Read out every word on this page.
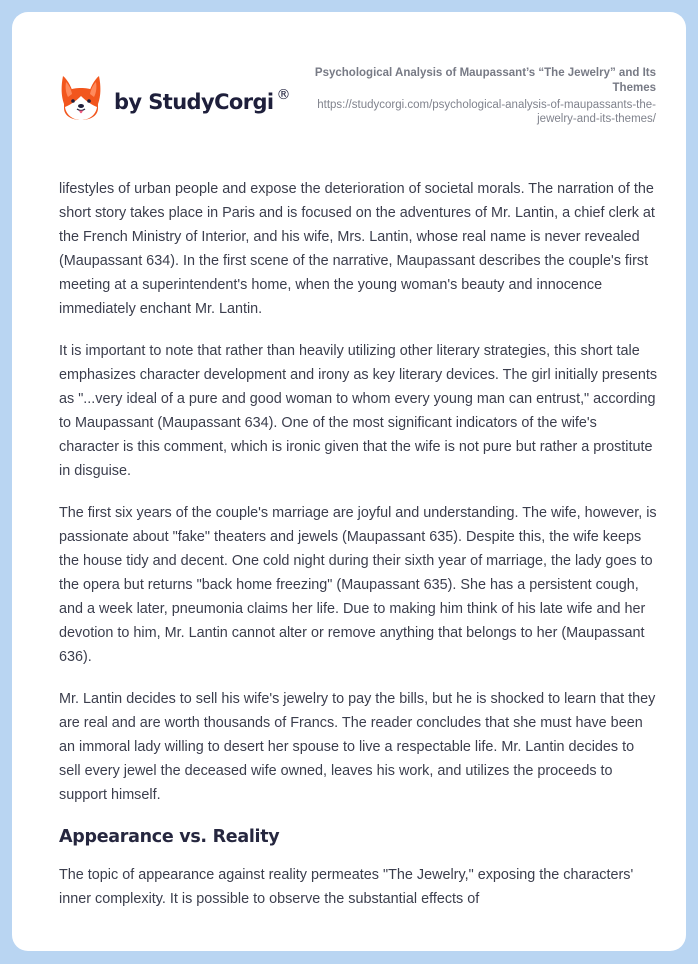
by StudyCorgi ®
Psychological Analysis of Maupassant’s “The Jewelry” and Its Themes
https://studycorgi.com/psychological-analysis-of-maupassants-the-jewelry-and-its-themes/

lifestyles of urban people and expose the deterioration of societal morals. The narration of the short story takes place in Paris and is focused on the adventures of Mr. Lantin, a chief clerk at the French Ministry of Interior, and his wife, Mrs. Lantin, whose real name is never revealed (Maupassant 634). In the first scene of the narrative, Maupassant describes the couple's first meeting at a superintendent's home, when the young woman's beauty and innocence immediately enchant Mr. Lantin.

It is important to note that rather than heavily utilizing other literary strategies, this short tale emphasizes character development and irony as key literary devices. The girl initially presents as "...very ideal of a pure and good woman to whom every young man can entrust," according to Maupassant (Maupassant 634). One of the most significant indicators of the wife's character is this comment, which is ironic given that the wife is not pure but rather a prostitute in disguise.

The first six years of the couple's marriage are joyful and understanding. The wife, however, is passionate about "fake" theaters and jewels (Maupassant 635). Despite this, the wife keeps the house tidy and decent. One cold night during their sixth year of marriage, the lady goes to the opera but returns "back home freezing" (Maupassant 635). She has a persistent cough, and a week later, pneumonia claims her life. Due to making him think of his late wife and her devotion to him, Mr. Lantin cannot alter or remove anything that belongs to her (Maupassant 636).

Mr. Lantin decides to sell his wife's jewelry to pay the bills, but he is shocked to learn that they are real and are worth thousands of Francs. The reader concludes that she must have been an immoral lady willing to desert her spouse to live a respectable life. Mr. Lantin decides to sell every jewel the deceased wife owned, leaves his work, and utilizes the proceeds to support himself.

Appearance vs. Reality

The topic of appearance against reality permeates "The Jewelry," exposing the characters' inner complexity. It is possible to observe the substantial effects of
